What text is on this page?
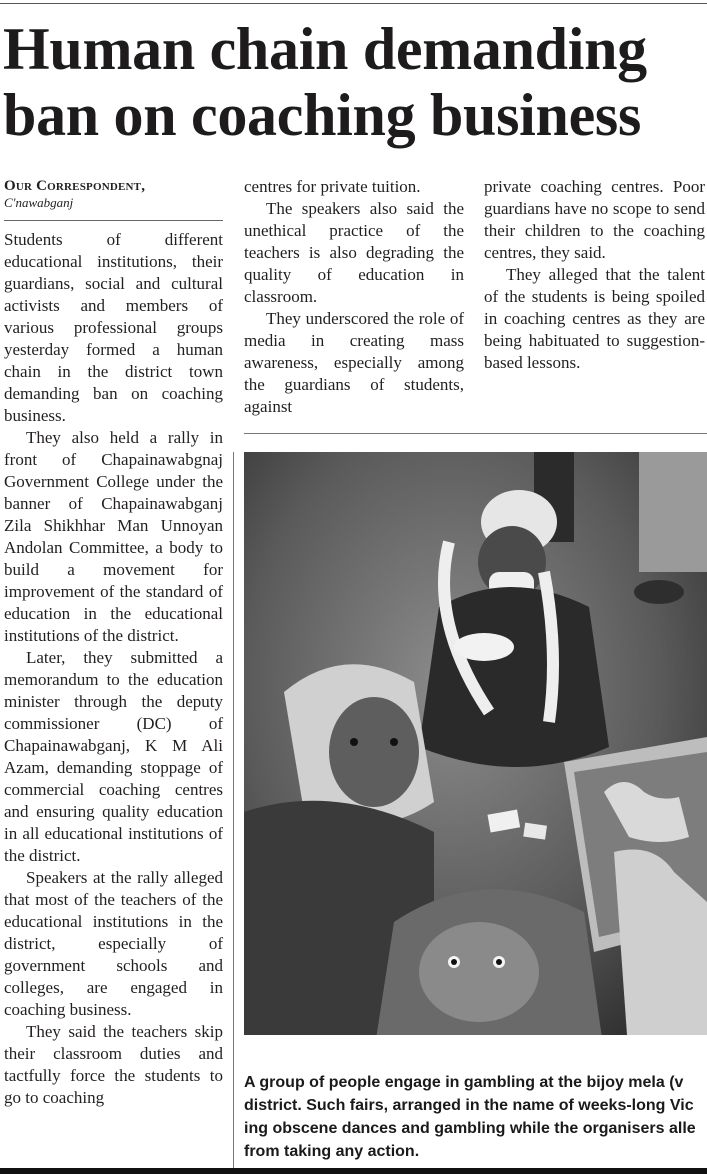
Human chain demanding
ban on coaching business
Our Correspondent,
C'nawabganj

Students of different educational institutions, their guardians, social and cultural activists and members of various professional groups yesterday formed a human chain in the district town demanding ban on coaching business.

They also held a rally in front of Chapainawabgnaj Government College under the banner of Chapainawabganj Zila Shikhhar Man Unnoyan Andolan Committee, a body to build a movement for improvement of the standard of education in the educational institutions of the district.

Later, they submitted a memorandum to the education minister through the deputy commissioner (DC) of Chapainawabganj, K M Ali Azam, demanding stoppage of commercial coaching centres and ensuring quality education in all educational institutions of the district.

Speakers at the rally alleged that most of the teachers of the educational institutions in the district, especially of government schools and colleges, are engaged in coaching business.

They said the teachers skip their classroom duties and tactfully force the students to go to coaching

centres for private tuition.

The speakers also said the unethical practice of the teachers is also degrading the quality of education in classroom.

They underscored the role of media in creating mass awareness, especially among the guardians of students, against

private coaching centres. Poor guardians have no scope to send their children to the coaching centres, they said.

They alleged that the talent of the students is being spoiled in coaching centres as they are being habituated to suggestion-based lessons.

A group of people engage in gambling at the bijoy mela (v
district. Such fairs, arranged in the name of weeks-long Vic
ing obscene dances and gambling while the organisers alle
from taking any action.
